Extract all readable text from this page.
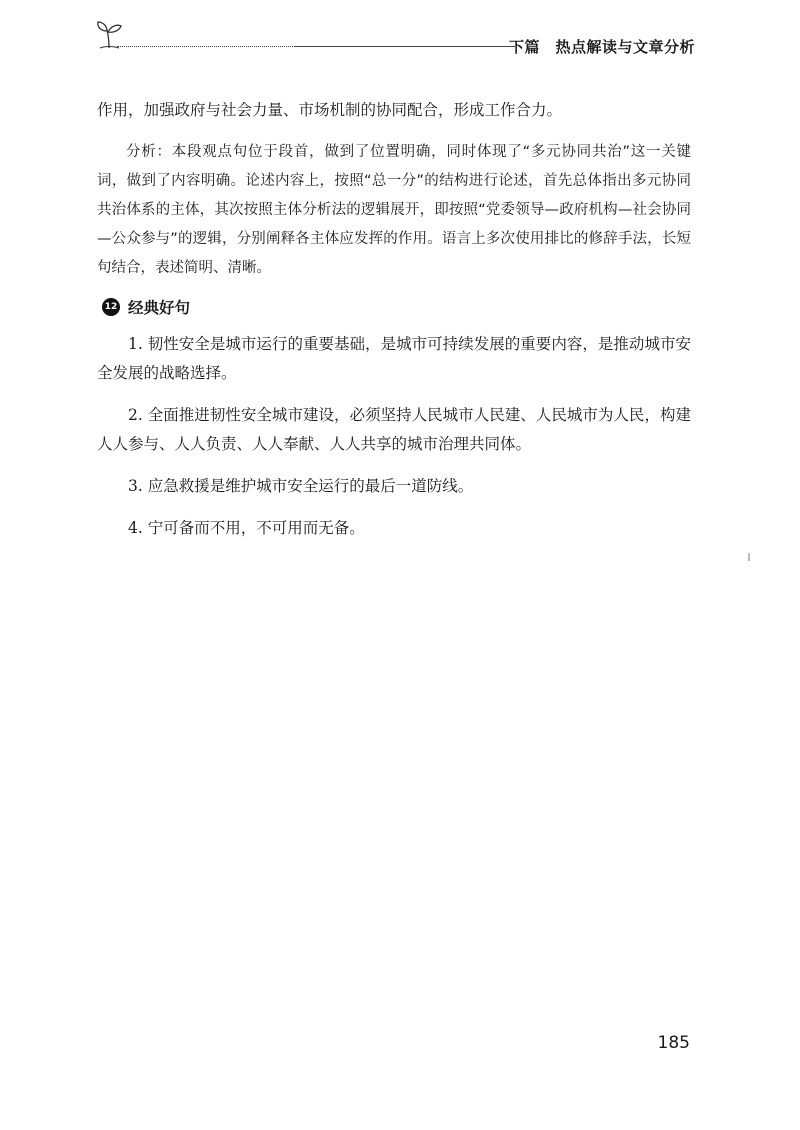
下篇　热点解读与文章分析

作用，加强政府与社会力量、市场机制的协同配合，形成工作合力。

分析：本段观点句位于段首，做到了位置明确，同时体现了“多元协同共治”这一关键词，做到了内容明确。论述内容上，按照“总一分”的结构进行论述，首先总体指出多元协同共治体系的主体，其次按照主体分析法的逻辑展开，即按照“党委领导—政府机构—社会协同—公众参与”的逻辑，分别阐释各主体应发挥的作用。语言上多次使用排比的修辞手法，长短句结合，表述简明、清晰。

12 经典好句

1. 韧性安全是城市运行的重要基础，是城市可持续发展的重要内容，是推动城市安全发展的战略选择。

2. 全面推进韧性安全城市建设，必须坚持人民城市人民建、人民城市为人民，构建人人参与、人人负责、人人奉献、人人共享的城市治理共同体。

3. 应急救援是维护城市安全运行的最后一道防线。

4. 宁可备而不用，不可用而无备。

185
